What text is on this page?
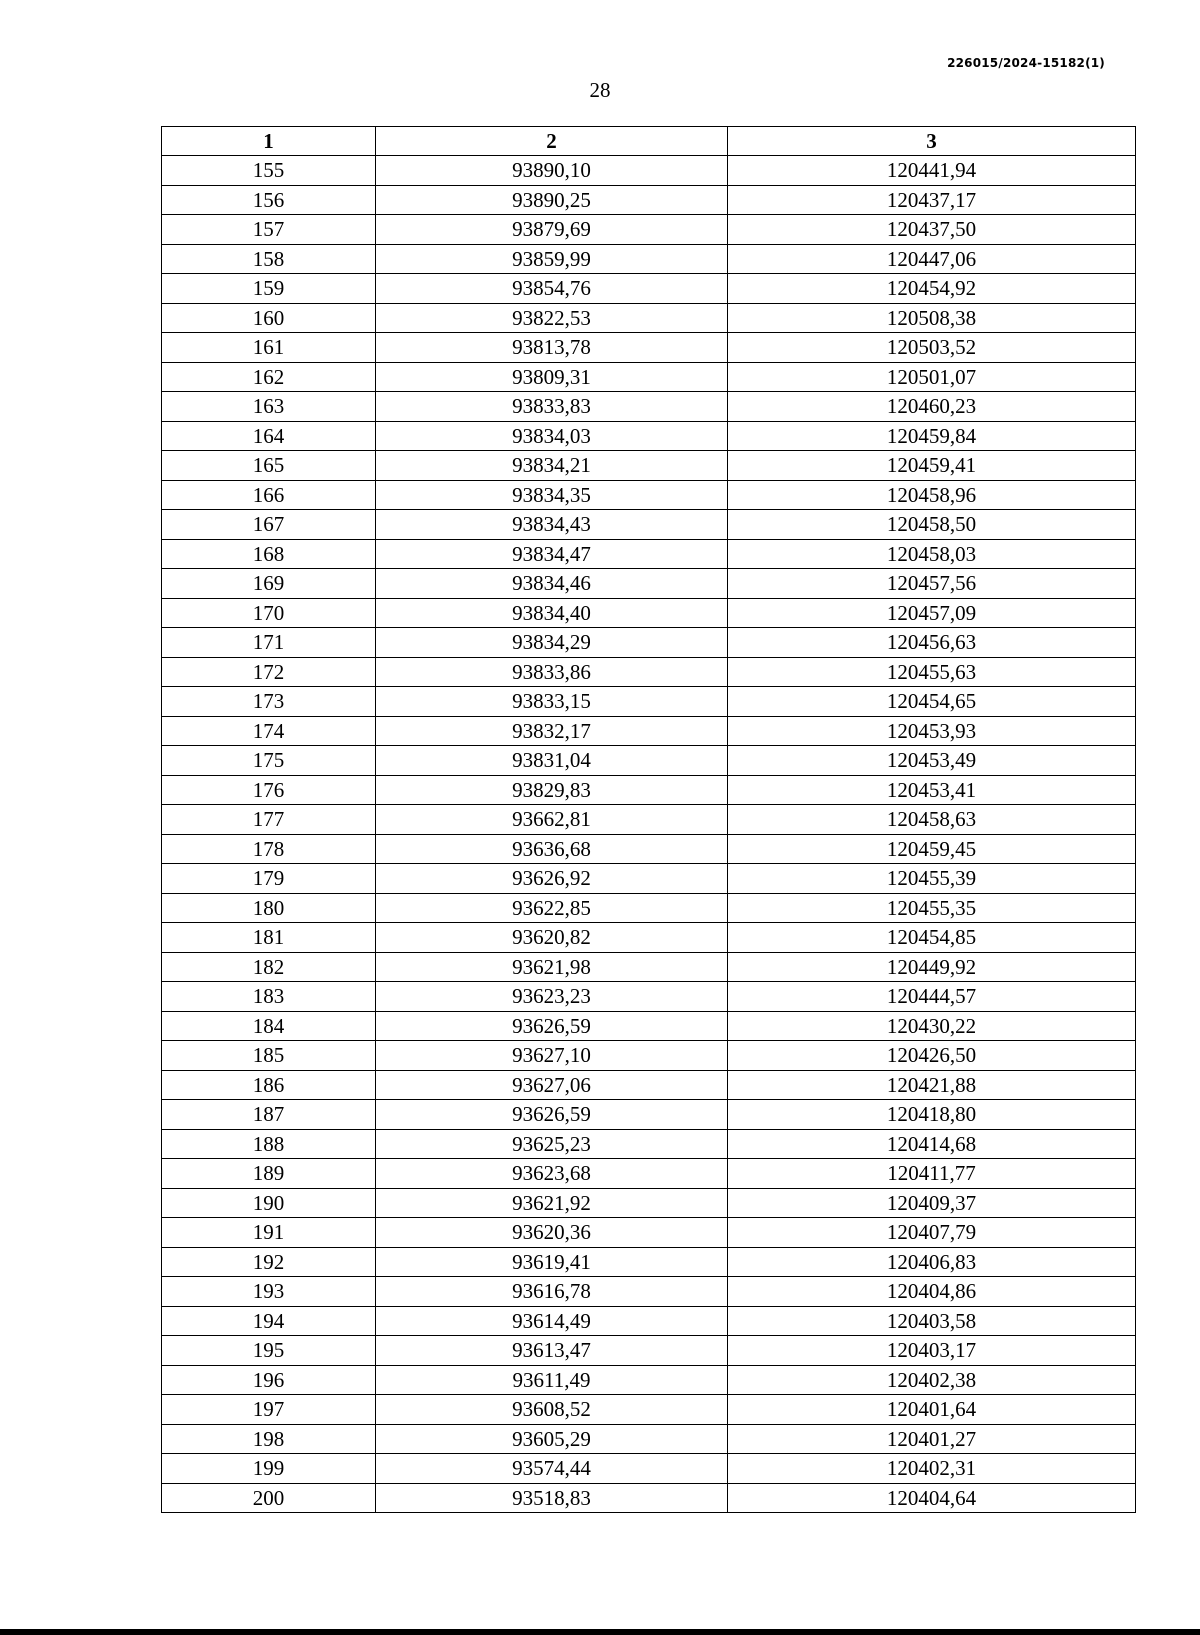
226015/2024-15182(1)
28
1	2	3
155	93890,10	120441,94
156	93890,25	120437,17
157	93879,69	120437,50
158	93859,99	120447,06
159	93854,76	120454,92
160	93822,53	120508,38
161	93813,78	120503,52
162	93809,31	120501,07
163	93833,83	120460,23
164	93834,03	120459,84
165	93834,21	120459,41
166	93834,35	120458,96
167	93834,43	120458,50
168	93834,47	120458,03
169	93834,46	120457,56
170	93834,40	120457,09
171	93834,29	120456,63
172	93833,86	120455,63
173	93833,15	120454,65
174	93832,17	120453,93
175	93831,04	120453,49
176	93829,83	120453,41
177	93662,81	120458,63
178	93636,68	120459,45
179	93626,92	120455,39
180	93622,85	120455,35
181	93620,82	120454,85
182	93621,98	120449,92
183	93623,23	120444,57
184	93626,59	120430,22
185	93627,10	120426,50
186	93627,06	120421,88
187	93626,59	120418,80
188	93625,23	120414,68
189	93623,68	120411,77
190	93621,92	120409,37
191	93620,36	120407,79
192	93619,41	120406,83
193	93616,78	120404,86
194	93614,49	120403,58
195	93613,47	120403,17
196	93611,49	120402,38
197	93608,52	120401,64
198	93605,29	120401,27
199	93574,44	120402,31
200	93518,83	120404,64
